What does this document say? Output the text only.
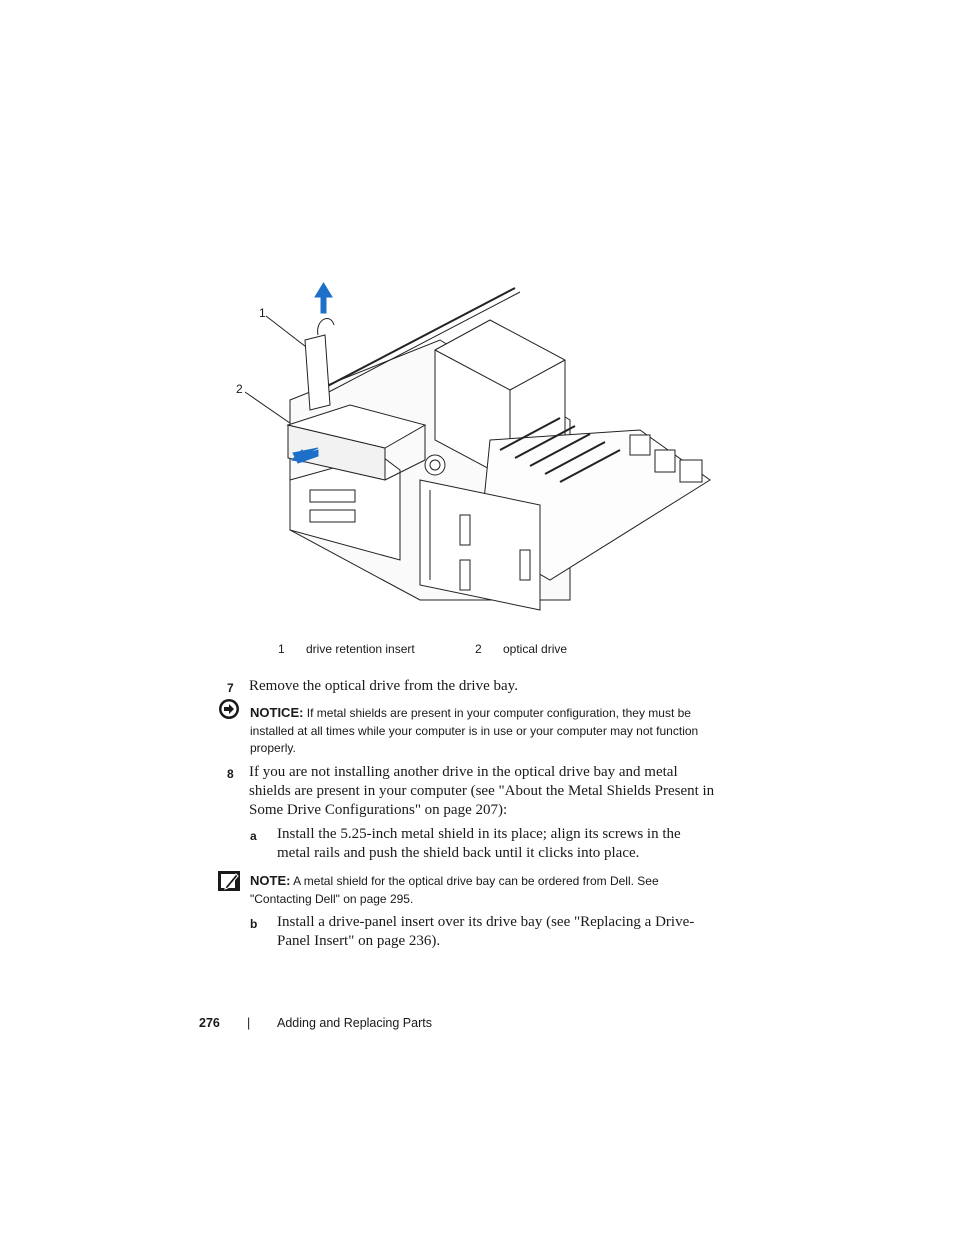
1
2
1 drive retention insert	2 optical drive
7 Remove the optical drive from the drive bay.
NOTICE: If metal shields are present in your computer configuration, they must be installed at all times while your computer is in use or your computer may not function properly.
8 If you are not installing another drive in the optical drive bay and metal shields are present in your computer (see "About the Metal Shields Present in Some Drive Configurations" on page 207):
a Install the 5.25-inch metal shield in its place; align its screws in the metal rails and push the shield back until it clicks into place.
NOTE: A metal shield for the optical drive bay can be ordered from Dell. See "Contacting Dell" on page 295.
b Install a drive-panel insert over its drive bay (see "Replacing a Drive-Panel Insert" on page 236).
276 | Adding and Replacing Parts
